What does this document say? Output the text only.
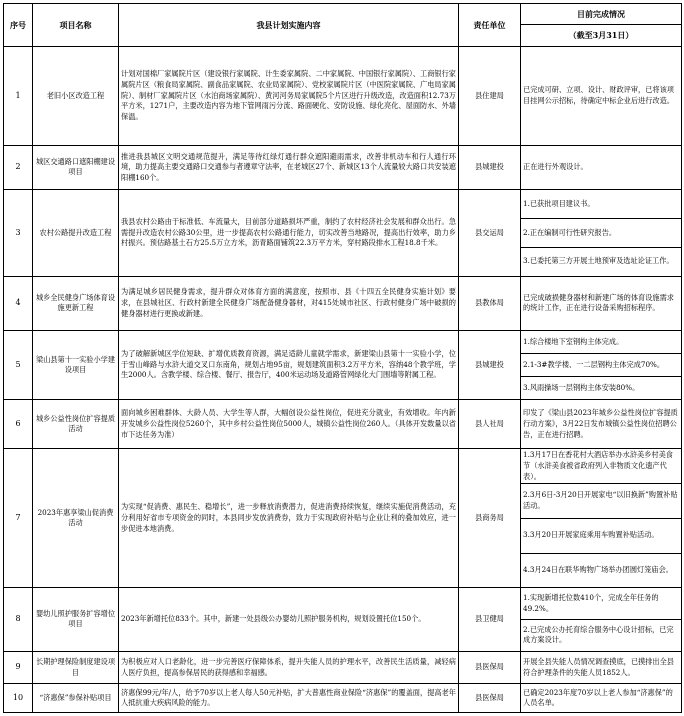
序号	项目名称	我县计划实施内容	责任单位	目前完成情况
				（截至3月31日）
1	老旧小区改造工程	计划对国棉厂家属院片区（建设银行家属院、计生委家属院、二中家属院、中国银行家属院）、工商银行家属院片区（粮食局家属院、副食品家属院、农业局家属院）、党校家属院片区（中医院家属院、广电局家属院）、制材厂家属院片区（水泊商场家属院）、黄河河务局家属院5个片区进行升级改造，改造面积12.73万平方米，1271户，主要改造内容为地下管网雨污分流、路面硬化、安防设施、绿化亮化、屋面防水、外墙保温。	县住建局	已完成可研、立项、设计、财政评审，已将该项目挂网公示招标，待确定中标企业后进行改造。
2	城区交通路口遮阳棚建设项目	推进我县城区文明交通规范提升，满足等待红绿灯通行群众遮阳避雨需求，改善非机动车和行人通行环境，助力提高主要交通路口交通参与者遵章守法率，在老城区27个、新城区13个人流量较大路口共安装遮阳棚160个。	县城建投	正在进行外观设计。
3	农村公路提升改造工程	我县农村公路由于标准低、车流量大，目前部分道路损坏严重，制约了农村经济社会发展和群众出行。急需提升改造农村公路30公里，进一步提高农村公路通行能力，切实改善当地路况，提高出行效率，助力乡村振兴。预估路基土石方25.5万立方米，沥青路面铺筑22.3万平方米，穿村路段排水工程18.8千米。	县交运局	1.已获批项目建议书。
2.正在编制可行性研究报告。
3.已委托第三方开展土地预审及选址论证工作。

4	城乡全民健身广场体育设施更新工程	为满足城乡居民健身需求，提升群众对体育方面的满意度，按照市、县《十四五全民健身实施计划》要求，在县城社区、行政村新建全民健身广场配备健身器材，对415处城市社区、行政村健身广场中破损的健身器材进行更换或新建。	县教体局	已完成破损健身器材和新建广场的体育设施需求的统计工作，正在进行设备采购招标程序。
5	梁山县第十一实验小学建设项目	为了破解新城区学位短缺、扩增优质教育资源，满足适龄儿童就学需求，新建梁山县第十一实验小学，位于雪山峰路与水浒大道交叉口东南角，规划占地95亩，规划建筑面积3.2万平方米，容纳48个教学班，学生2000人。含教学楼、综合楼、餐厅、报告厅，400米运动场及道路管网绿化大门围墙等附属工程。	县城建投	1.综合楼地下室钢构主体完成。
2.1-3#教学楼、一二层钢构主体完成70%。
3.风雨操场一层钢构主体安装80%。

6	城乡公益性岗位扩容提质活动	面向城乡困难群体、大龄人员、大学生等人群，大幅创设公益性岗位，促进充分就业，有效增收。年内新开发城乡公益性岗位5260个，其中乡村公益性岗位5000人，城镇公益性岗位260人。（具体开发数量以省市下达任务为准）	县人社局	印发了《梁山县2023年城乡公益性岗位扩容提质行动方案》，3月22日发布城镇公益性岗位招聘公告，正在进行招聘。
7	2023年惠享梁山促消费活动	为实现“促消费、惠民生、稳增长”，进一步释放消费潜力，促进消费持续恢复，继续实施促消费活动，充分利用好省市专项资金的同时，本县同步发放消费券，致力于实现政府补贴与企业让利的叠加效应，进一步促进本地消费。	县商务局	1.3月17日在香花村大酒店举办水浒美乡村美食节（水浒美食被省政府列入非物质文化遗产代表）。
2.3月6日-3月20日开展家电“以旧换新”购置补贴活动。
3.3月20日开展家庭乘用车购置补贴活动。
4.3月24日在联华购物广场举办团圆灯笼庙会。

8	婴幼儿照护服务扩容增位项目	2023年新增托位833个。其中，新建一处县级公办婴幼儿照护服务机构，规划设置托位150个。	县卫健局	1.实现新增托位数410个，完成全年任务的49.2%。
2.已完成公办托育综合服务中心设计招标，已完成方案设计。

9	长期护理保险制度建设项目	为积极应对人口老龄化，进一步完善医疗保障体系，提升失能人员的护理水平，改善民生活质量，减轻病人医疗负担，提高参保居民的获得感和幸福感。	县医保局	开展全县失能人员情况调查摸底，已摸排出全县符合护理条件的失能人员1852人。
10	“济惠保”参保补贴项目	济惠保99元/年/人，给予70岁以上老人每人50元补贴，扩大普惠性商业保险“济惠保”的覆盖面，提高老年人抵抗重大疾病风险的能力。	县医保局	已确定2023年度70岁以上老人参加“济惠保”的人员名单。
